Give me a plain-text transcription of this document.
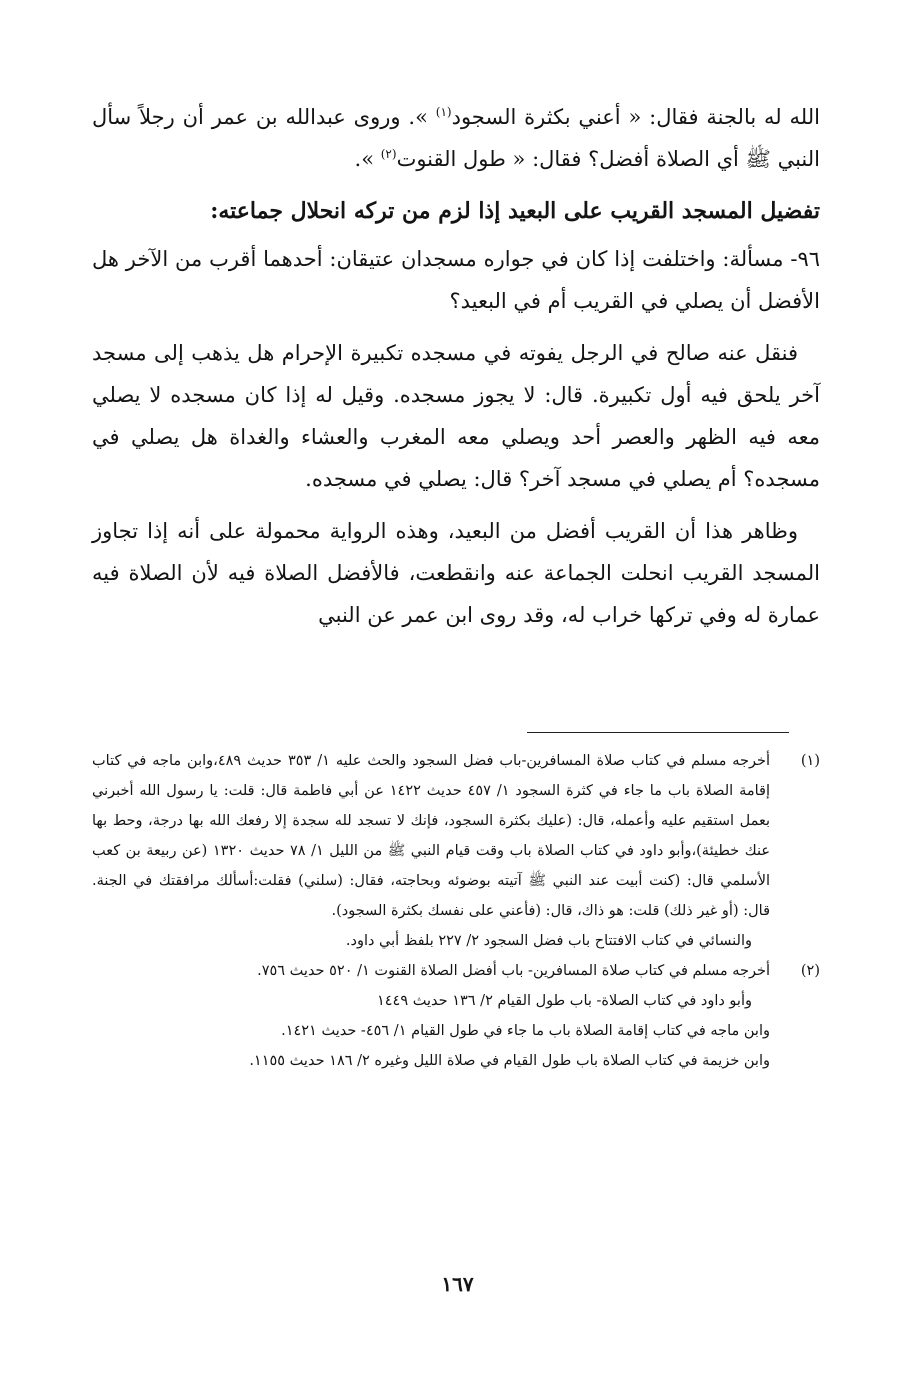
الله له بالجنة فقال: « أعني بكثرة السجود$^{(١)}$ ». وروى عبدالله بن عمر أن رجلاً سأل النبي ﷺ أي الصلاة أفضل؟ فقال: « طول القنوت$^{(٢)}$ ».

تفضيل المسجد القريب على البعيد إذا لزم من تركه انحلال جماعته:

٩٦- مسألة: واختلفت إذا كان في جواره مسجدان عتيقان: أحدهما أقرب من الآخر هل الأفضل أن يصلي في القريب أم في البعيد؟

فنقل عنه صالح في الرجل يفوته في مسجده تكبيرة الإحرام هل يذهب إلى مسجد آخر يلحق فيه أول تكبيرة. قال: لا يجوز مسجده. وقيل له إذا كان مسجده لا يصلي معه فيه الظهر والعصر أحد ويصلي معه المغرب والعشاء والغداة هل يصلي في مسجده؟ أم يصلي في مسجد آخر؟ قال: يصلي في مسجده.

وظاهر هذا أن القريب أفضل من البعيد، وهذه الرواية محمولة على أنه إذا تجاوز المسجد القريب انحلت الجماعة عنه وانقطعت، فالأفضل الصلاة فيه لأن الصلاة فيه عمارة له وفي تركها خراب له، وقد روى ابن عمر عن النبي

(١)

أخرجه مسلم في كتاب صلاة المسافرين-باب فضل السجود والحث عليه ١/ ٣٥٣ حديث ٤٨٩،وابن ماجه في كتاب إقامة الصلاة باب ما جاء في كثرة السجود ١/ ٤٥٧ حديث ١٤٢٢ عن أبي فاطمة قال: قلت: يا رسول الله أخبرني بعمل استقيم عليه وأعمله، قال: (عليك بكثرة السجود، فإنك لا تسجد لله سجدة إلا رفعك الله بها درجة، وحط بها عنك خطيئة)،وأبو داود في كتاب الصلاة باب وقت قيام النبي ﷺ من الليل ١/ ٧٨ حديث ١٣٢٠ (عن ربيعة بن كعب الأسلمي قال: (كنت أبيت عند النبي ﷺ آتيته بوضوئه وبحاجته، فقال: (سلني) فقلت:أسألك مرافقتك في الجنة. قال: (أو غير ذلك) قلت: هو ذاك، قال: (فأعني على نفسك بكثرة السجود).

والنسائي في كتاب الافتتاح باب فضل السجود ٢/ ٢٢٧ بلفظ أبي داود.

(٢)

أخرجه مسلم في كتاب صلاة المسافرين- باب أفضل الصلاة القنوت ١/ ٥٢٠ حديث ٧٥٦.

وأبو داود في كتاب الصلاة- باب طول القيام ٢/ ١٣٦ حديث ١٤٤٩

وابن ماجه في كتاب إقامة الصلاة باب ما جاء في طول القيام ١/ ٤٥٦- حديث ١٤٢١.

وابن خزيمة في كتاب الصلاة باب طول القيام في صلاة الليل وغيره ٢/ ١٨٦ حديث ١١٥٥.

١٦٧
